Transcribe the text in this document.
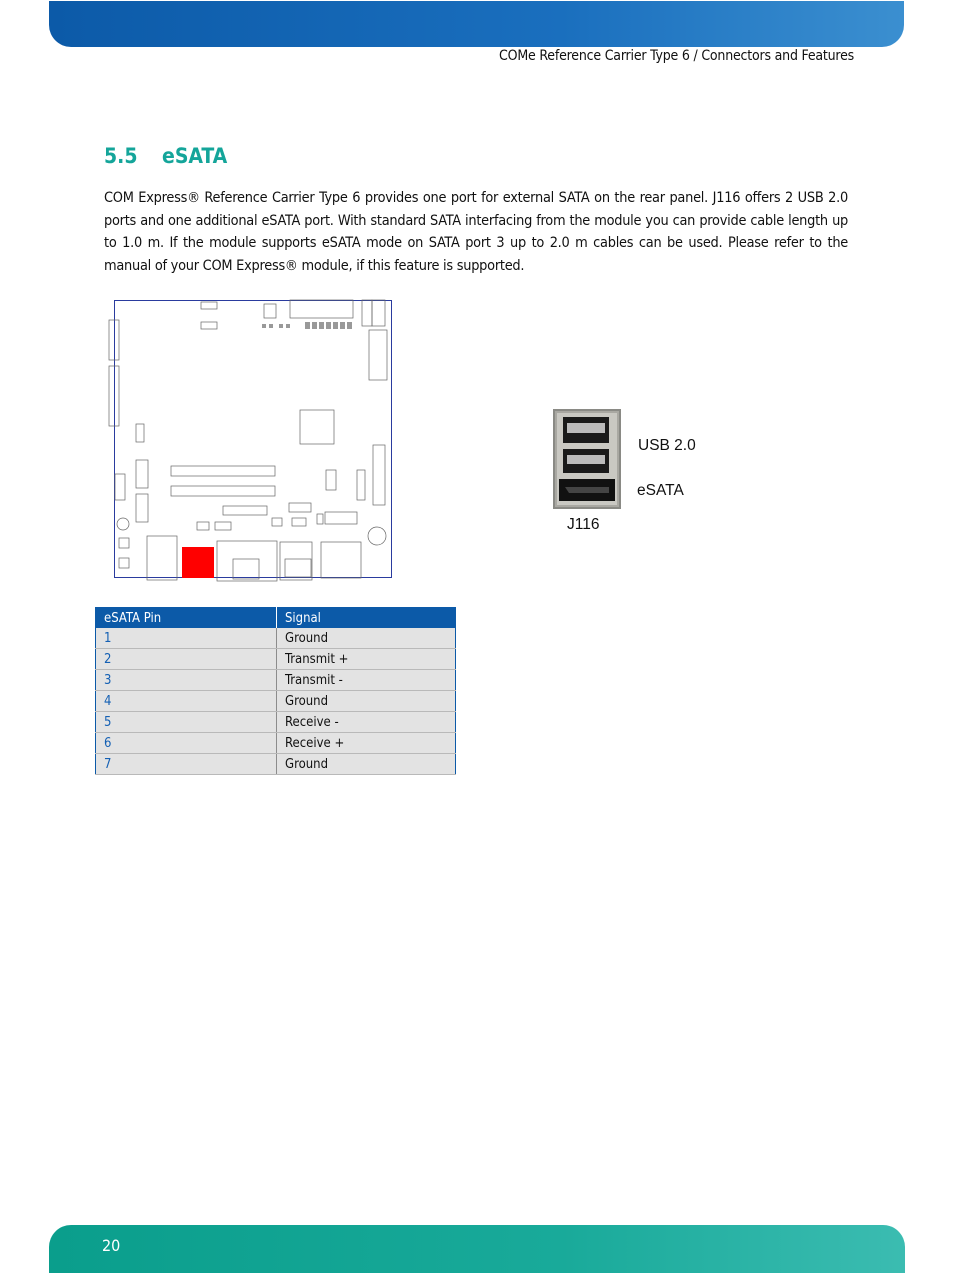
COMe Reference Carrier Type 6 / Connectors and Features
5.5 eSATA

COM Express® Reference Carrier Type 6 provides one port for external SATA on the rear panel. J116 offers 2 USB 2.0 ports and one additional eSATA port. With standard SATA interfacing from the module you can provide cable length up to 1.0 m. If the module supports eSATA mode on SATA port 3 up to 2.0 m cables can be used. Please refer to the manual of your COM Express® module, if this feature is supported.

USB 2.0
eSATA
J116
eSATA Pin	Signal
1	Ground
2	Transmit +
3	Transmit -
4	Ground
5	Receive -
6	Receive +
7	Ground
20
